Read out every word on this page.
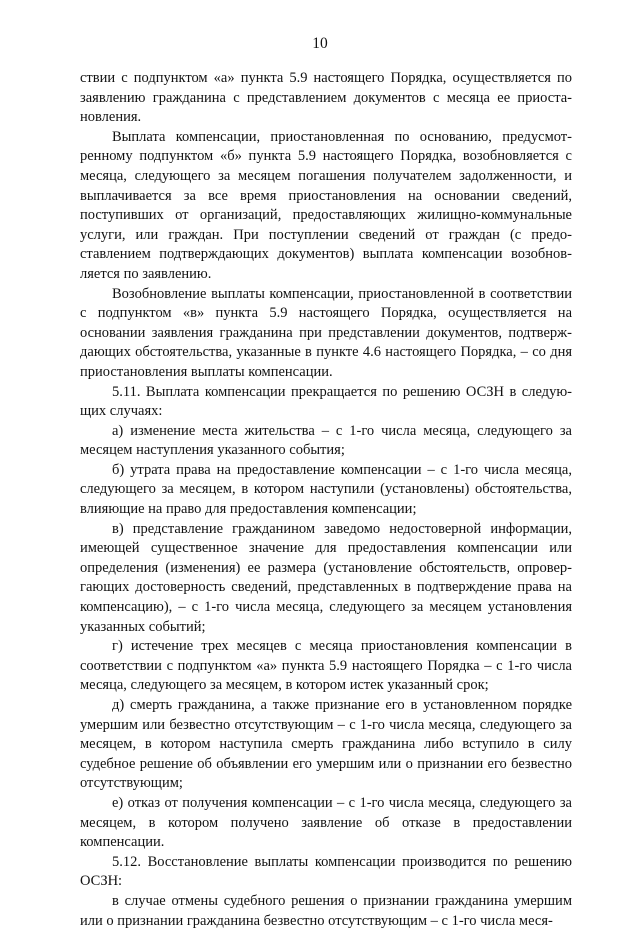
10

ствии с подпунктом «а» пункта 5.9 настоящего Порядка, осуществляется по заявлению гражданина с представлением документов с месяца ее приостановления.

Выплата компенсации, приостановленная по основанию, предусмотренному подпунктом «б» пункта 5.9 настоящего Порядка, возобновляется с месяца, следующего за месяцем погашения получателем задолженности, и выплачивается за все время приостановления на основании сведений, поступивших от организаций, предоставляющих жилищно-коммунальные услуги, или граждан. При поступлении сведений от граждан (с предоставлением подтверждающих документов) выплата компенсации возобновляется по заявлению.

Возобновление выплаты компенсации, приостановленной в соответствии с подпунктом «в» пункта 5.9 настоящего Порядка, осуществляется на основании заявления гражданина при представлении документов, подтверждающих обстоятельства, указанные в пункте 4.6 настоящего Порядка, – со дня приостановления выплаты компенсации.

5.11. Выплата компенсации прекращается по решению ОСЗН в следующих случаях:

а) изменение места жительства – с 1-го числа месяца, следующего за месяцем наступления указанного события;

б) утрата права на предоставление компенсации – с 1-го числа месяца, следующего за месяцем, в котором наступили (установлены) обстоятельства, влияющие на право для предоставления компенсации;

в) представление гражданином заведомо недостоверной информации, имеющей существенное значение для предоставления компенсации или определения (изменения) ее размера (установление обстоятельств, опровергающих достоверность сведений, представленных в подтверждение права на компенсацию), – с 1-го числа месяца, следующего за месяцем установления указанных событий;

г) истечение трех месяцев с месяца приостановления компенсации в соответствии с подпунктом «а» пункта 5.9 настоящего Порядка – с 1-го числа месяца, следующего за месяцем, в котором истек указанный срок;

д) смерть гражданина, а также признание его в установленном порядке умершим или безвестно отсутствующим – с 1-го числа месяца, следующего за месяцем, в котором наступила смерть гражданина либо вступило в силу судебное решение об объявлении его умершим или о признании его безвестно отсутствующим;

е) отказ от получения компенсации – с 1-го числа месяца, следующего за месяцем, в котором получено заявление об отказе в предоставлении компенсации.

5.12. Восстановление выплаты компенсации производится по решению ОСЗН:

в случае отмены судебного решения о признании гражданина умершим или о признании гражданина безвестно отсутствующим – с 1-го числа меся-
